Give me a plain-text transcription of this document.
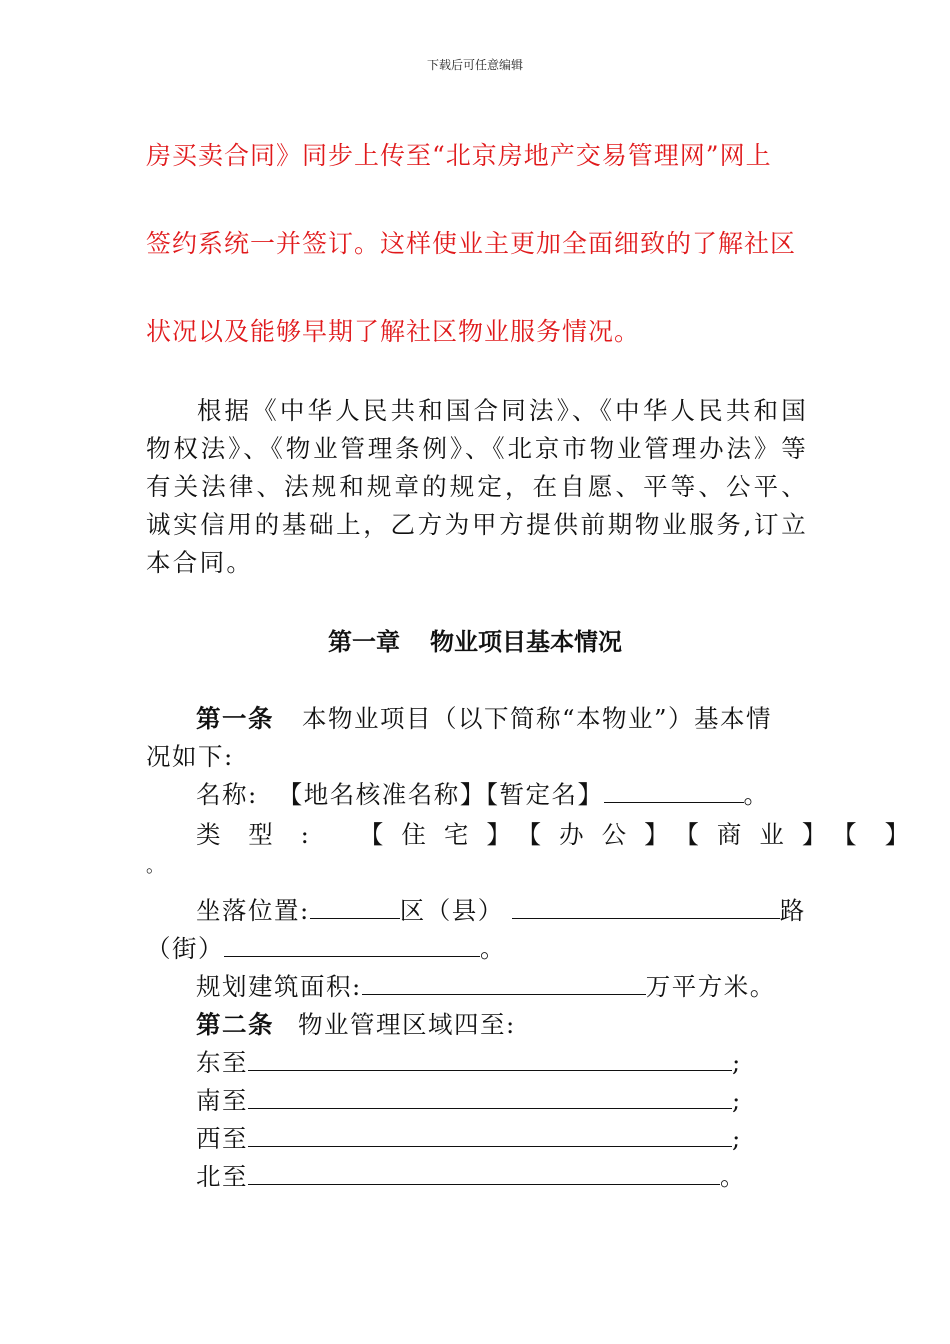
下载后可任意编辑
房买卖合同》同步上传至“北京房地产交易管理网”网上
签约系统一并签订。这样使业主更加全面细致的了解社区
状况以及能够早期了解社区物业服务情况。
根据《中华人民共和国合同法》、《中华人民共和国物权法》、《物业管理条例》、《北京市物业管理办法》等有关法律、法规和规章的规定，在自愿、平等、公平、诚实信用的基础上，乙方为甲方提供前期物业服务,订立本合同。
第一章 物业项目基本情况
第一条 本物业项目（以下简称“本物业”）基本情
况如下:
名称: 【地名核准名称】【暂定名】	。
类 型 : 【住宅】【办公】【商业】【 】
。
坐落位置:	区（县）	路
（街）	。
规划建筑面积:	万平方米。
第二条 物业管理区域四至:
东至	;
南至	;
西至	;
北至	。
